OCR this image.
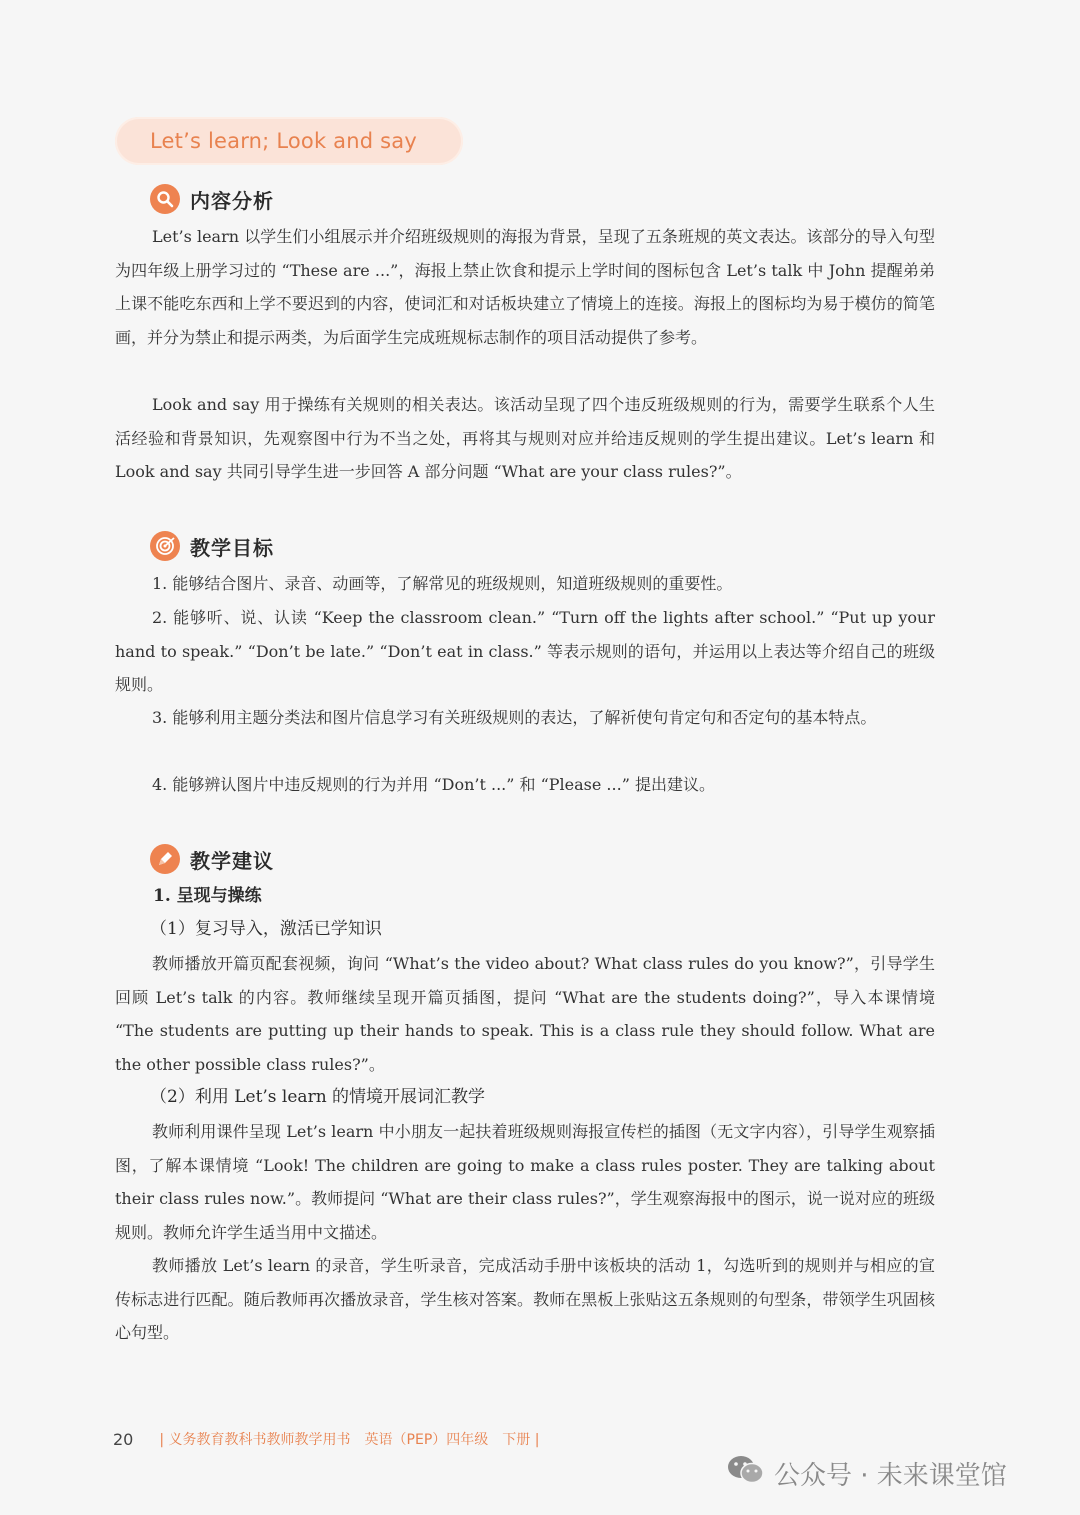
Let’s learn; Look and say
内容分析

Let’s learn 以学生们小组展示并介绍班级规则的海报为背景，呈现了五条班规的英文表达。该部分的导入句型为四年级上册学习过的 “These are ...”，海报上禁止饮食和提示上学时间的图标包含 Let’s talk 中 John 提醒弟弟上课不能吃东西和上学不要迟到的内容，使词汇和对话板块建立了情境上的连接。海报上的图标均为易于模仿的简笔画，并分为禁止和提示两类，为后面学生完成班规标志制作的项目活动提供了参考。

Look and say 用于操练有关规则的相关表达。该活动呈现了四个违反班级规则的行为，需要学生联系个人生活经验和背景知识，先观察图中行为不当之处，再将其与规则对应并给违反规则的学生提出建议。Let’s learn 和 Look and say 共同引导学生进一步回答 A 部分问题 “What are your class rules?”。

教学目标

1. 能够结合图片、录音、动画等，了解常见的班级规则，知道班级规则的重要性。

2. 能够听、说、认读 “Keep the classroom clean.” “Turn off the lights after school.” “Put up your hand to speak.” “Don’t be late.” “Don’t eat in class.” 等表示规则的语句，并运用以上表达等介绍自己的班级规则。

3. 能够利用主题分类法和图片信息学习有关班级规则的表达，了解祈使句肯定句和否定句的基本特点。

4. 能够辨认图片中违反规则的行为并用 “Don’t ...” 和 “Please ...” 提出建议。

教学建议
1. 呈现与操练
（1）复习导入，激活已学知识

教师播放开篇页配套视频，询问 “What’s the video about? What class rules do you know?”，引导学生回顾 Let’s talk 的内容。教师继续呈现开篇页插图，提问 “What are the students doing?”，导入本课情境 “The students are putting up their hands to speak. This is a class rule they should follow. What are the other possible class rules?”。

（2）利用 Let’s learn 的情境开展词汇教学

教师利用课件呈现 Let’s learn 中小朋友一起扶着班级规则海报宣传栏的插图（无文字内容），引导学生观察插图，了解本课情境 “Look! The children are going to make a class rules poster. They are talking about their class rules now.”。教师提问 “What are their class rules?”，学生观察海报中的图示，说一说对应的班级规则。教师允许学生适当用中文描述。

教师播放 Let’s learn 的录音，学生听录音，完成活动手册中该板块的活动 1，勾选听到的规则并与相应的宣传标志进行匹配。随后教师再次播放录音，学生核对答案。教师在黑板上张贴这五条规则的句型条，带领学生巩固核心句型。

20 | 义务教育教科书教师教学用书　英语（PEP）四年级　下册 |
公众号 · 未来课堂馆
